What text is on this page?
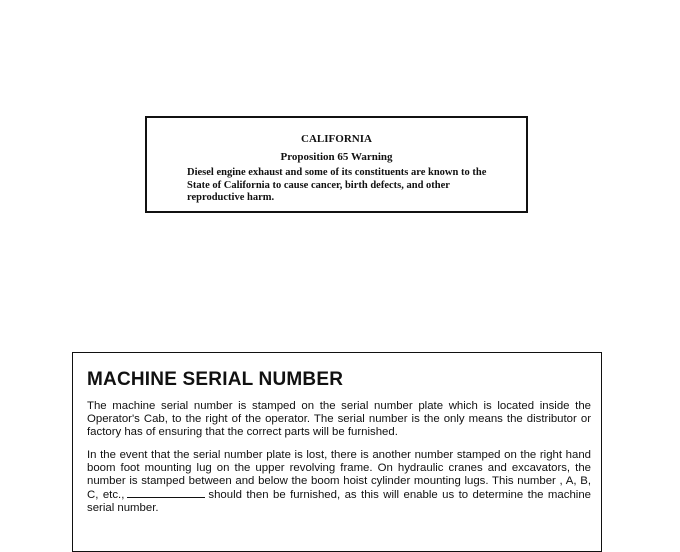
CALIFORNIA
Proposition 65 Warning
Diesel engine exhaust and some of its constituents are known to the State of California to cause cancer, birth defects, and other reproductive harm.
MACHINE SERIAL NUMBER

The machine serial number is stamped on the serial number plate which is located inside the Operator's Cab, to the right of the operator. The serial number is the only means the distributor or factory has of ensuring that the correct parts will be furnished.

In the event that the serial number plate is lost, there is another number stamped on the right hand boom foot mounting lug on the upper revolving frame. On hydraulic cranes and excavators, the number is stamped between and below the boom hoist cylinder mounting lugs. This number , A, B, C, etc.,	should then be furnished, as this will enable us to determine the machine serial number.
